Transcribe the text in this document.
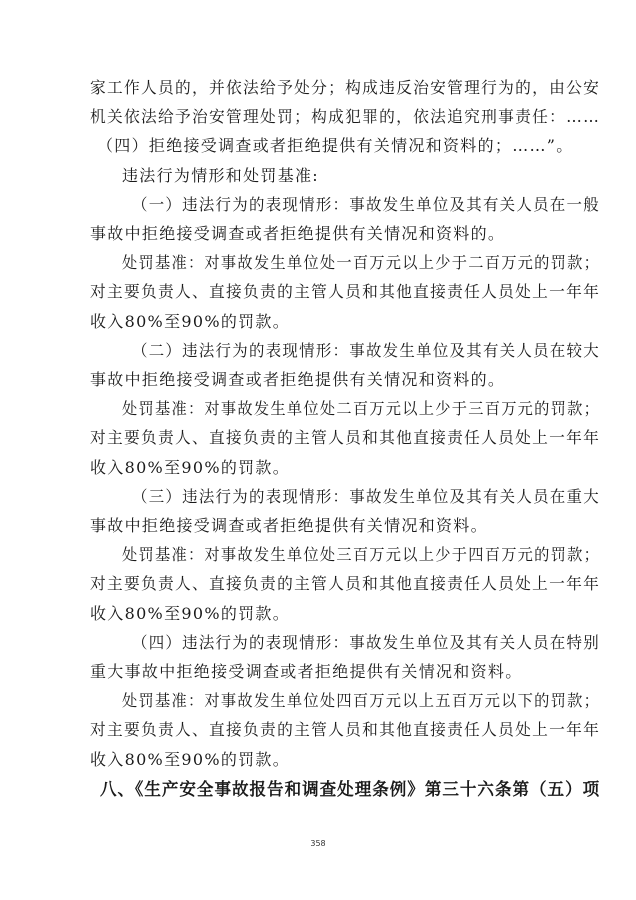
家工作人员的，并依法给予处分；构成违反治安管理行为的，由公安
机关依法给予治安管理处罚；构成犯罪的，依法追究刑事责任：……
（四）拒绝接受调查或者拒绝提供有关情况和资料的；……”。
违法行为情形和处罚基准:
（一）违法行为的表现情形：事故发生单位及其有关人员在一般
事故中拒绝接受调查或者拒绝提供有关情况和资料的。
处罚基准：对事故发生单位处一百万元以上少于二百万元的罚款；
对主要负责人、直接负责的主管人员和其他直接责任人员处上一年年
收入80%至90%的罚款。
（二）违法行为的表现情形：事故发生单位及其有关人员在较大
事故中拒绝接受调查或者拒绝提供有关情况和资料的。
处罚基准：对事故发生单位处二百万元以上少于三百万元的罚款；
对主要负责人、直接负责的主管人员和其他直接责任人员处上一年年
收入80%至90%的罚款。
（三）违法行为的表现情形：事故发生单位及其有关人员在重大
事故中拒绝接受调查或者拒绝提供有关情况和资料。
处罚基准：对事故发生单位处三百万元以上少于四百万元的罚款；
对主要负责人、直接负责的主管人员和其他直接责任人员处上一年年
收入80%至90%的罚款。
（四）违法行为的表现情形：事故发生单位及其有关人员在特别
重大事故中拒绝接受调查或者拒绝提供有关情况和资料。
处罚基准：对事故发生单位处四百万元以上五百万元以下的罚款；
对主要负责人、直接负责的主管人员和其他直接责任人员处上一年年
收入80%至90%的罚款。
八、《生产安全事故报告和调查处理条例》第三十六条第（五）项
358
